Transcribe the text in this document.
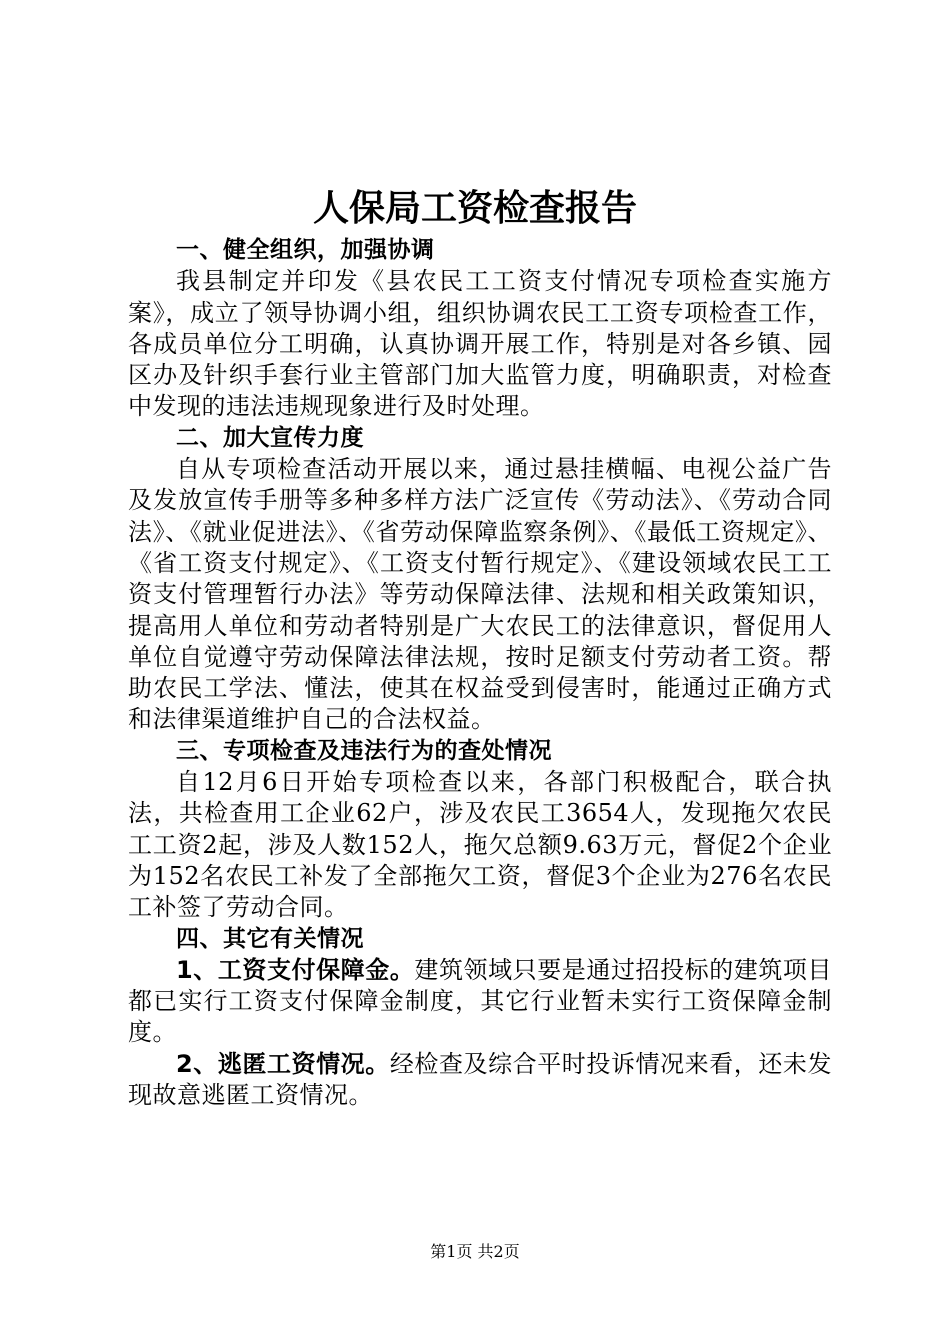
人保局工资检查报告

一、健全组织，加强协调

我县制定并印发《县农民工工资支付情况专项检查实施方案》，成立了领导协调小组，组织协调农民工工资专项检查工作，各成员单位分工明确，认真协调开展工作，特别是对各乡镇、园区办及针织手套行业主管部门加大监管力度，明确职责，对检查中发现的违法违规现象进行及时处理。

二、加大宣传力度

自从专项检查活动开展以来，通过悬挂横幅、电视公益广告及发放宣传手册等多种多样方法广泛宣传《劳动法》、《劳动合同法》、《就业促进法》、《省劳动保障监察条例》、《最低工资规定》、《省工资支付规定》、《工资支付暂行规定》、《建设领域农民工工资支付管理暂行办法》等劳动保障法律、法规和相关政策知识，提高用人单位和劳动者特别是广大农民工的法律意识，督促用人单位自觉遵守劳动保障法律法规，按时足额支付劳动者工资。帮助农民工学法、懂法，使其在权益受到侵害时，能通过正确方式和法律渠道维护自己的合法权益。

三、专项检查及违法行为的查处情况

自12月6日开始专项检查以来，各部门积极配合，联合执法，共检查用工企业62户，涉及农民工3654人，发现拖欠农民工工资2起，涉及人数152人，拖欠总额9.63万元，督促2个企业为152名农民工补发了全部拖欠工资，督促3个企业为276名农民工补签了劳动合同。

四、其它有关情况

1、工资支付保障金。建筑领域只要是通过招投标的建筑项目都已实行工资支付保障金制度，其它行业暂未实行工资保障金制度。

2、逃匿工资情况。经检查及综合平时投诉情况来看，还未发现故意逃匿工资情况。

第1页 共2页
